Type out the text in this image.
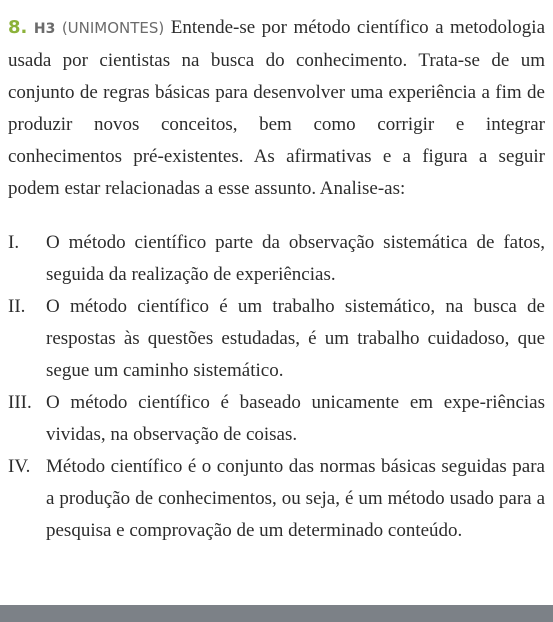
8. H3 (UNIMONTES) Entende-se por método científico a metodologia usada por cientistas na busca do conhecimento. Trata-se de um conjunto de regras básicas para desenvolver uma experiência a fim de produzir novos conceitos, bem como corrigir e integrar conhecimentos pré-existentes. As afirmativas e a figura a seguir podem estar relacionadas a esse assunto. Analise-as:

I. O método científico parte da observação sistemática de fatos, seguida da realização de experiências.
II. O método científico é um trabalho sistemático, na busca de respostas às questões estudadas, é um trabalho cuidadoso, que segue um caminho sistemático.
III. O método científico é baseado unicamente em expe-riências vividas, na observação de coisas.
IV. Método científico é o conjunto das normas básicas seguidas para a produção de conhecimentos, ou seja, é um método usado para a pesquisa e comprovação de um determinado conteúdo.
